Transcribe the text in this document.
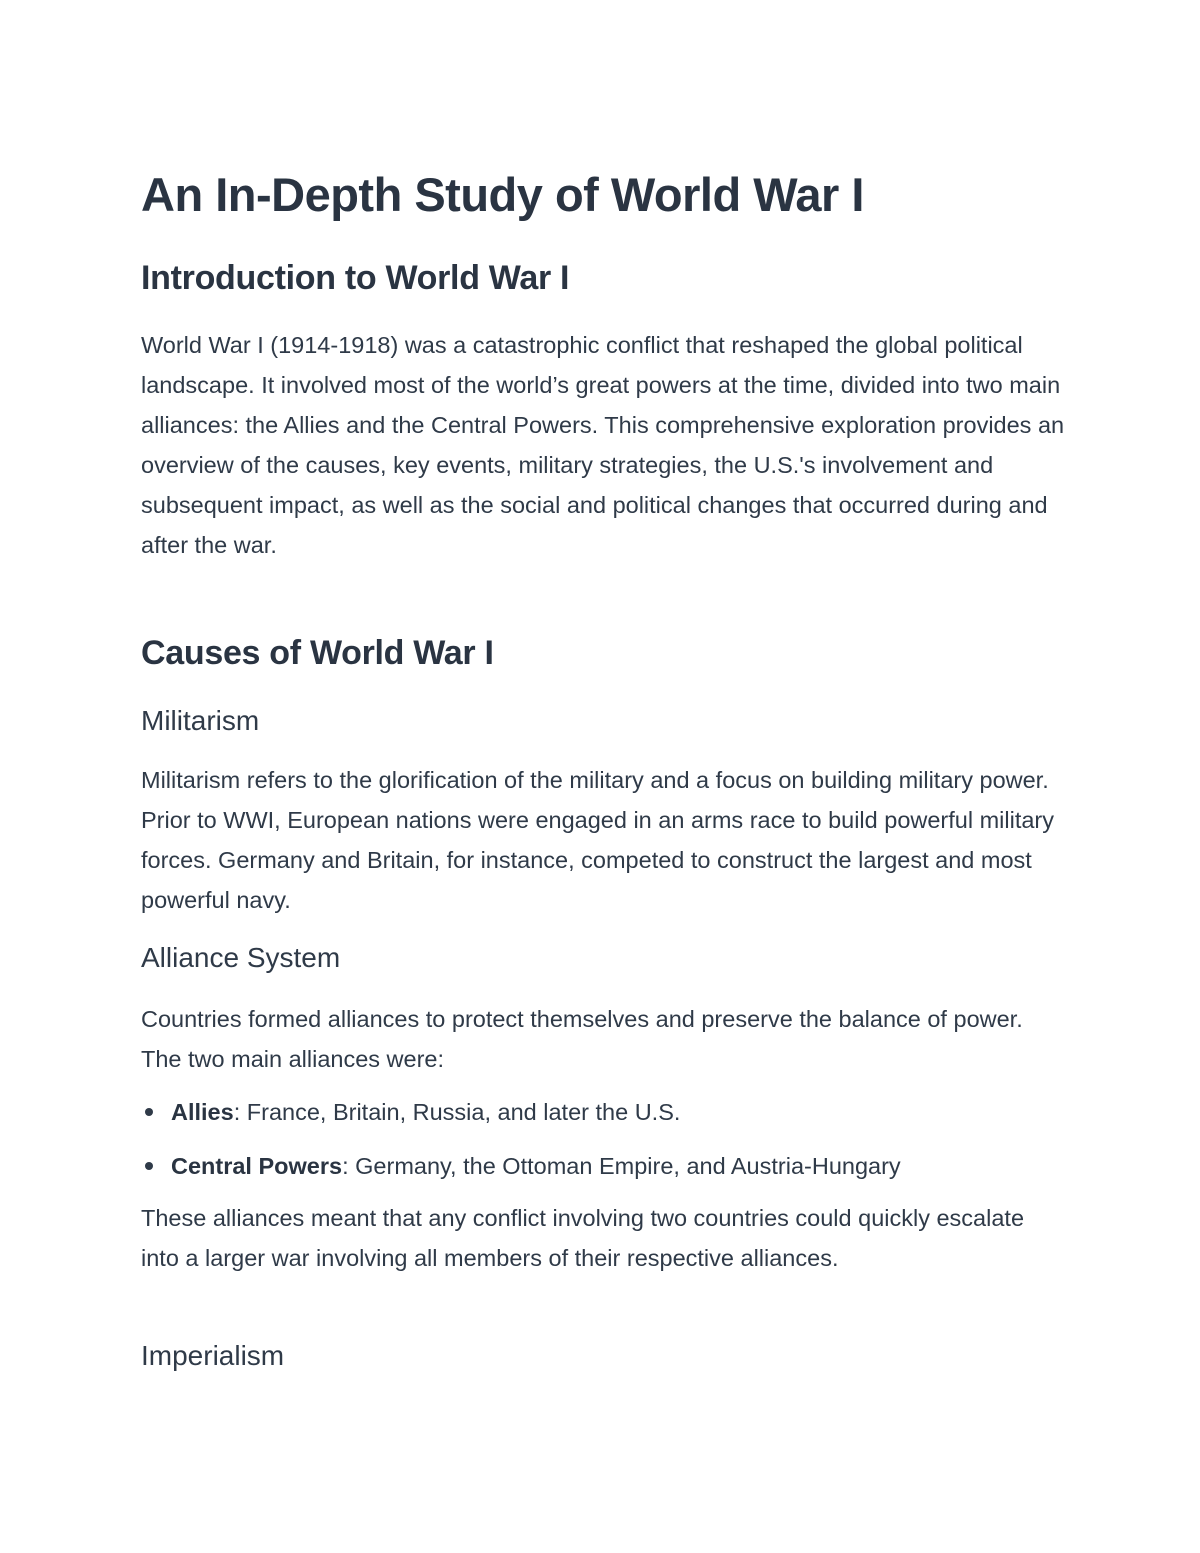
An In-Depth Study of World War I
Introduction to World War I

World War I (1914-1918) was a catastrophic conflict that reshaped the global political landscape. It involved most of the world’s great powers at the time, divided into two main alliances: the Allies and the Central Powers. This comprehensive exploration provides an overview of the causes, key events, military strategies, the U.S.'s involvement and subsequent impact, as well as the social and political changes that occurred during and after the war.

Causes of World War I
Militarism

Militarism refers to the glorification of the military and a focus on building military power. Prior to WWI, European nations were engaged in an arms race to build powerful military forces. Germany and Britain, for instance, competed to construct the largest and most powerful navy.

Alliance System

Countries formed alliances to protect themselves and preserve the balance of power. The two main alliances were:

Allies: France, Britain, Russia, and later the U.S.
Central Powers: Germany, the Ottoman Empire, and Austria-Hungary

These alliances meant that any conflict involving two countries could quickly escalate into a larger war involving all members of their respective alliances.

Imperialism
